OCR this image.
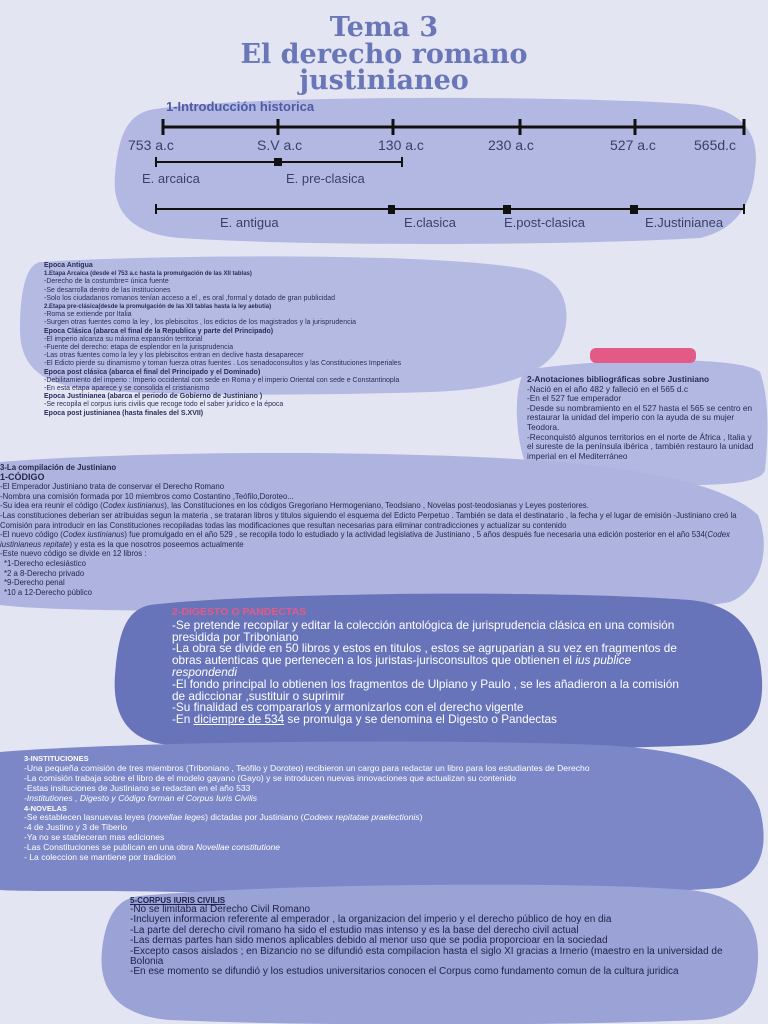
Tema 3
El derecho romano
justinianeo
1-Introducción historica
753 a.c	S.V a.c	130 a.c	230 a.c	527 a.c	565d.c
E. arcaica	E. pre-clasica
E. antigua	E.clasica	E.post-clasica	E.Justinianea
Epoca Antigua
1.Etapa Arcaica (desde el 753 a.c hasta la promulgación de las XII tablas)
-Derecho de la costumbre= única fuente
-Se desarrolla dentro de las instituciones
-Solo los ciudadanos romanos tenían acceso a el , es oral ,formal y dotado de gran publicidad
2.Etapa pre-clásica(desde la promulgación de las XII tablas hasta la ley aebutia)
-Roma se extiende por Italia
-Surgen otras fuentes como la ley , los plebiscitos , los edictos de los magistrados y la jurisprudencia
Epoca Clásica (abarca el final de la Republica y parte del Principado)
-El imperio alcanza su máxima expansión territorial
-Fuente del derecho: etapa de esplendor en la jurisprudencia
-Las otras fuentes como la ley y los plebiscitos entran en declive hasta desaparecer
-El Edicto pierde su dinamismo y toman fuerza otras fuentes . Los senadoconsultos y las Constituciones Imperiales
Epoca post clásica (abarca el final del Principado y el Dominado)
-Debilitamiento del imperio : Imperio occidental con sede en Roma y el imperio Oriental con sede e Constantinopla
-En esta etapa aparece y se consolida el cristianismo
Epoca Justinianea (abarca el periodo de Gobierno de Justiniano )
-Se recopila el corpus iuris civilis que recoge todo el saber jurídico e la época
Epoca post justinianea (hasta finales del S.XVII)
2-Anotaciones bibliográficas sobre Justiniano
-Nació en el año 482 y falleció en el 565 d.c
-En el 527 fue emperador
-Desde su nombramiento en el 527 hasta el 565 se centro en restaurar la unidad del imperio con la ayuda de su mujer Teodora.
-Reconquistó algunos territorios en el norte de África , Italia y el sureste de la península ibérica , también restauro la unidad imperial en el Mediterráneo
3-La compilación de Justiniano
1-CÓDIGO
-El Emperador Justiniano trata de conservar el Derecho Romano
-Nombra una comisión formada por 10 miembros como Costantino ,Teófilo,Doroteo...
-Su idea era reunir el código (Codex iustinianus), las Constituciones en los códigos Gregoriano Hermogeniano, Teodsiano , Novelas post-teodosianas y Leyes posteriores.
-Las constituciones deberian ser atribuidas segun la materia , se trataran libros y titulos siguiendo el esquema del Edicto Perpetuo . También se data el destinatario , la fecha y el lugar de emisión -Justiniano creó la Comisión para introducir en las Constituciones recopiladas todas las modificaciones que resultan necesarias para eliminar contradicciones y actualizar su contenido
-El nuevo código (Codex iustinianus) fue promulgado en el año 529 , se recopila todo lo estudiado y la actividad legislativa de Justiniano , 5 años después fue necesaria una edición posterior en el año 534(Codex iustinianeus repitate) y esta es la que nosotros poseemos actualmente
-Este nuevo código se divide en 12 libros :
*1-Derecho eclesiástico
*2 a 8-Derecho privado
*9-Derecho penal
*10 a 12-Derecho público
2-DIGESTO O PANDECTAS
-Se pretende recopilar y editar la colección antológica de jurisprudencia clásica en una comisión presidida por Triboniano
-La obra se divide en 50 libros y estos en titulos , estos se agruparian a su vez en fragmentos de obras autenticas que pertenecen a los juristas-jurisconsultos que obtienen el ius publice respondendi
-El fondo principal lo obtienen los fragmentos de Ulpiano y Paulo , se les añadieron a la comisión de adiccionar ,sustituir o suprimir
-Su finalidad es compararlos y armonizarlos con el derecho vigente
-En diciempre de 534 se promulga y se denomina el Digesto o Pandectas
3-INSTITUCIONES
-Una pequeña comisión de tres miembros (Triboniano , Teófilo y Doroteo) recibieron un cargo para redactar un libro para los estudiantes de Derecho
-La comisión trabaja sobre el libro de el modelo gayano (Gayo) y se introducen nuevas innovaciones que actualizan su contenido
-Estas insituciones de Justiniano se redactan en el año 533
-Institutiones , Digesto y Código forman el Corpus Iuris Civilis
4-NOVELAS
-Se establecen lasnuevas leyes (novellae leges) dictadas por Justiniano (Codeex repitatae praelectionis)
-4 de Justino y 3 de Tiberio
-Ya no se stableceran mas ediciones
-Las Constituciones se publican en una obra Novellae constitutione
- La coleccion se mantiene por tradicion
5-CORPUS IURIS CIVILIS
-No se limitaba al Derecho Civil Romano
-Incluyen informacion referente al emperador , la organizacion del imperio y el derecho público de hoy en dia
-La parte del derecho civil romano ha sido el estudio mas intenso y es la base del derecho civil actual
-Las demas partes han sido menos aplicables debido al menor uso que se podia proporcioar en la sociedad
-Excepto casos aislados ; en Bizancio no se difundió esta compilacion hasta el siglo XI gracias a Irnerio (maestro en la universidad de Bolonia
-En ese momento se difundió y los estudios universitarios conocen el Corpus como fundamento comun de la cultura juridica
